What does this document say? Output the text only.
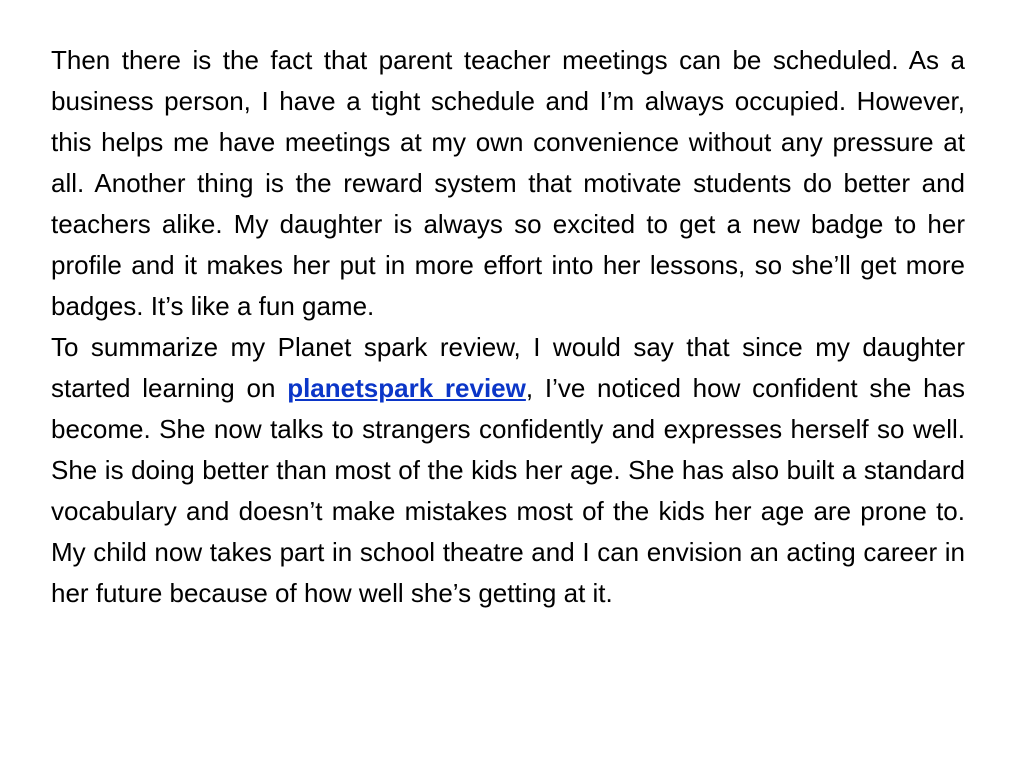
Then there is the fact that parent teacher meetings can be scheduled. As a business person, I have a tight schedule and I’m always occupied. However, this helps me have meetings at my own convenience without any pressure at all. Another thing is the reward system that motivate students do better and teachers alike. My daughter is always so excited to get a new badge to her profile and it makes her put in more effort into her lessons, so she’ll get more badges. It’s like a fun game.

To summarize my Planet spark review, I would say that since my daughter started learning on planetspark review, I’ve noticed how confident she has become. She now talks to strangers confidently and expresses herself so well. She is doing better than most of the kids her age. She has also built a standard vocabulary and doesn’t make mistakes most of the kids her age are prone to. My child now takes part in school theatre and I can envision an acting career in her future because of how well she’s getting at it.
